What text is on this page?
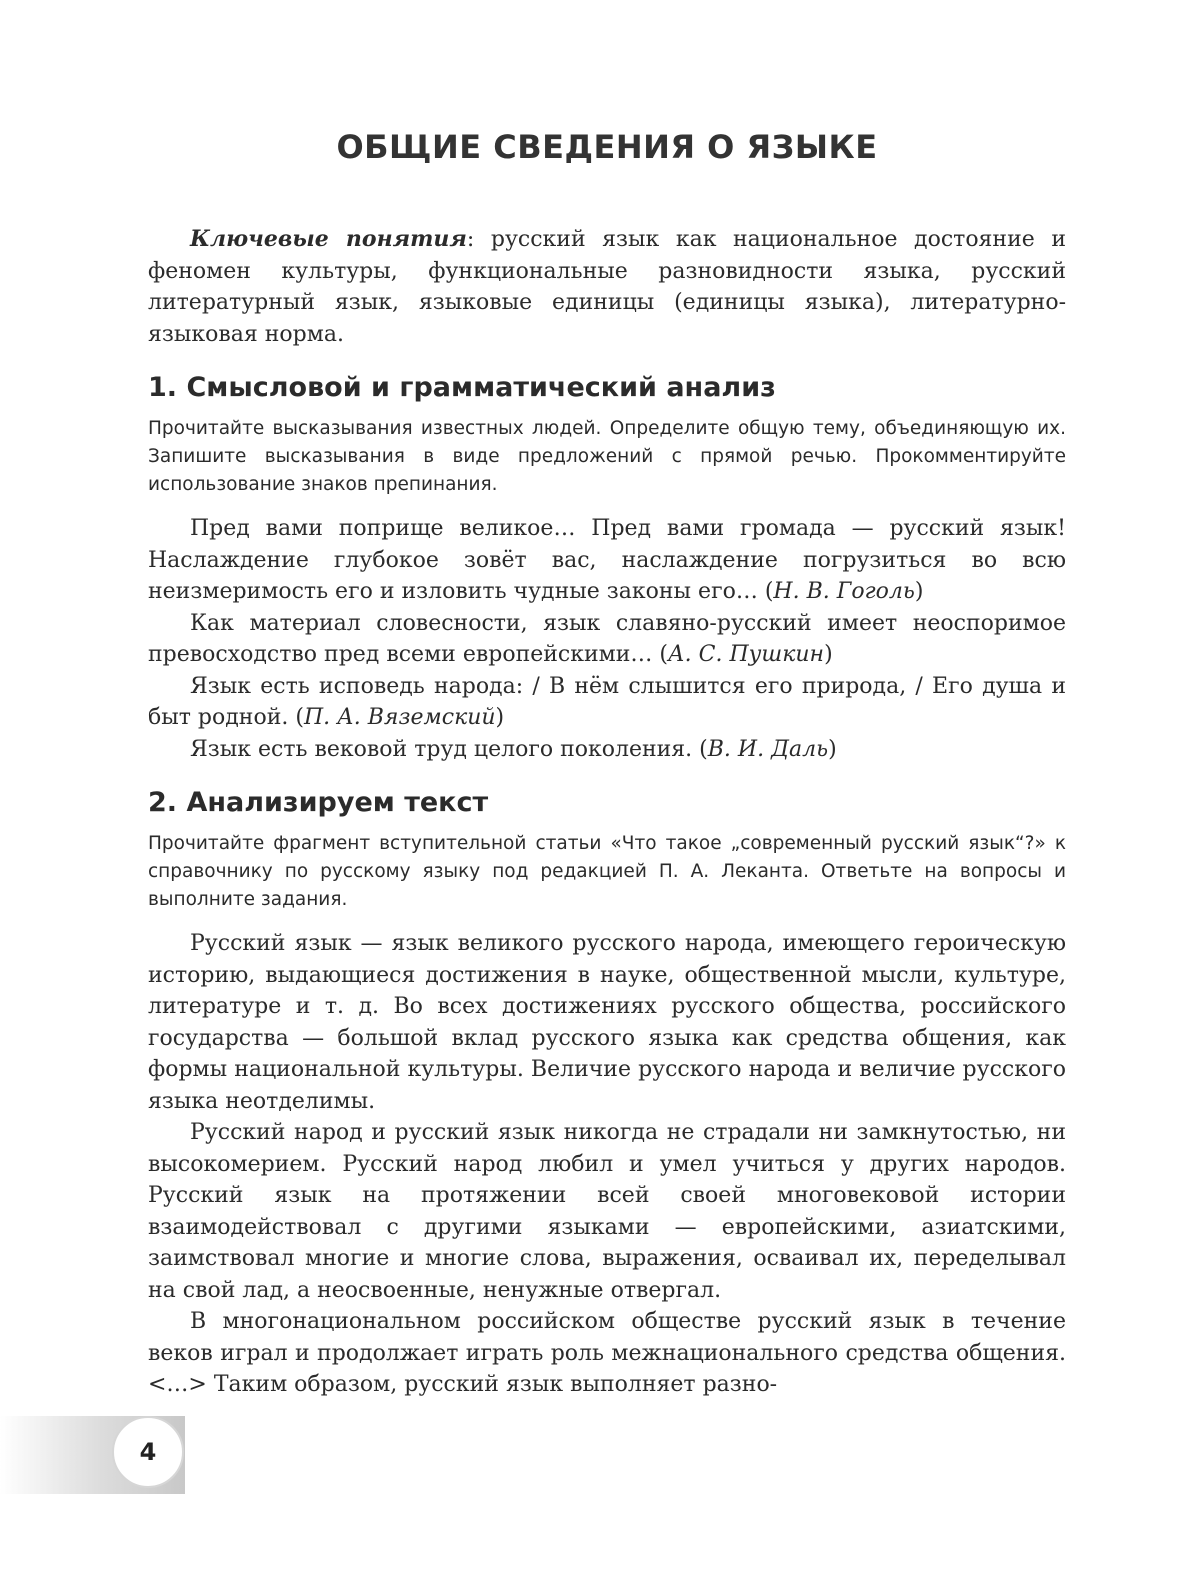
ОБЩИЕ СВЕДЕНИЯ О ЯЗЫКЕ

Ключевые понятия: русский язык как национальное достояние и феномен культуры, функциональные разновидности языка, русский литературный язык, языковые единицы (единицы языка), литературно-языковая норма.

1. Смысловой и грамматический анализ

Прочитайте высказывания известных людей. Определите общую тему, объединяющую их. Запишите высказывания в виде предложений с прямой речью. Прокомментируйте использование знаков препинания.

Пред вами поприще великое… Пред вами громада — русский язык! Наслаждение глубокое зовёт вас, наслаждение погрузиться во всю неизмеримость его и изловить чудные законы его… (Н. В. Гоголь)

Как материал словесности, язык славяно-русский имеет неоспоримое превосходство пред всеми европейскими… (А. С. Пушкин)

Язык есть исповедь народа: / В нём слышится его природа, / Его душа и быт родной. (П. А. Вяземский)

Язык есть вековой труд целого поколения. (В. И. Даль)

2. Анализируем текст

Прочитайте фрагмент вступительной статьи «Что такое „современный русский язык“?» к справочнику по русскому языку под редакцией П. А. Леканта. Ответьте на вопросы и выполните задания.

Русский язык — язык великого русского народа, имеющего героическую историю, выдающиеся достижения в науке, общественной мысли, культуре, литературе и т. д. Во всех достижениях русского общества, российского государства — большой вклад русского языка как средства общения, как формы национальной культуры. Величие русского народа и величие русского языка неотделимы.

Русский народ и русский язык никогда не страдали ни замкнутостью, ни высокомерием. Русский народ любил и умел учиться у других народов. Русский язык на протяжении всей своей многовековой истории взаимодействовал с другими языками — европейскими, азиатскими, заимствовал многие и многие слова, выражения, осваивал их, переделывал на свой лад, а неосвоенные, ненужные отвергал.

В многонациональном российском обществе русский язык в течение веков играл и продолжает играть роль межнационального средства общения. <…> Таким образом, русский язык выполняет разно-

4
